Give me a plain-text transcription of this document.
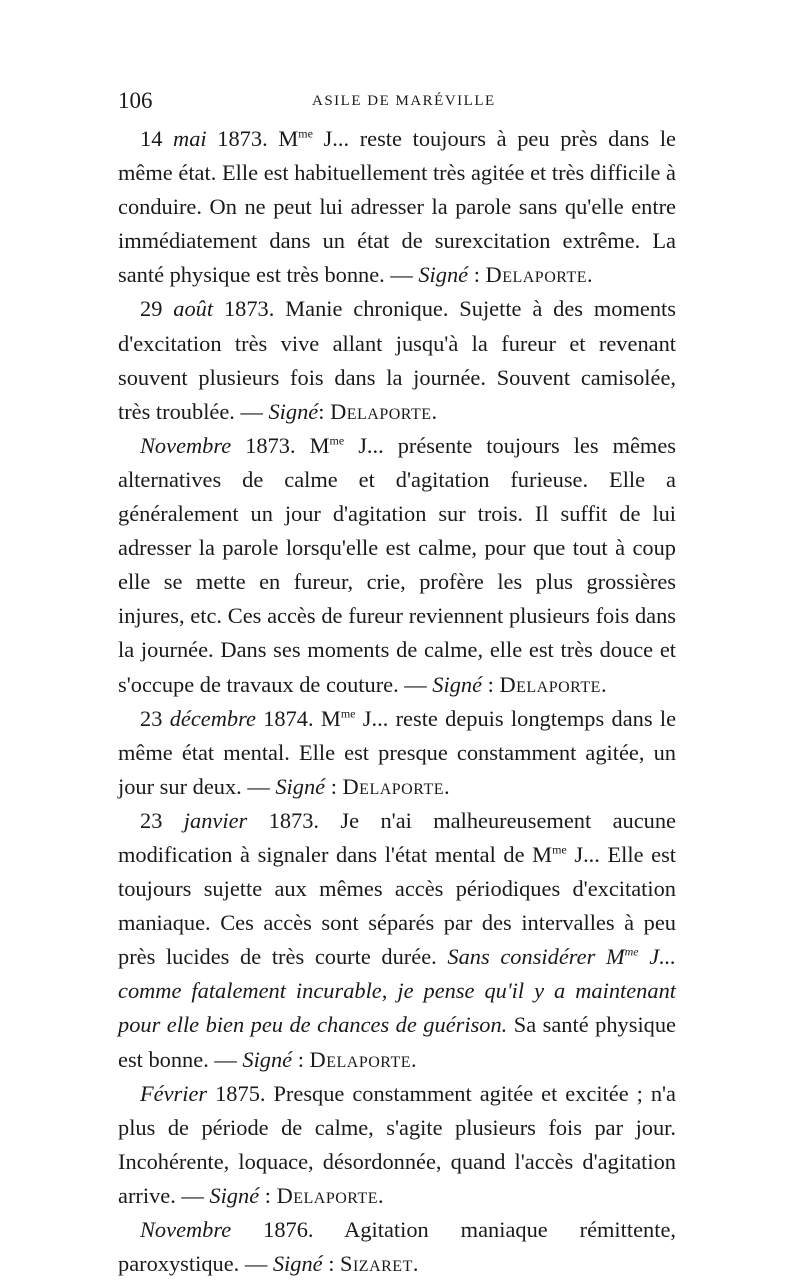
106	ASILE DE MARÉVILLE

14 mai 1873. $M^{me}$ J... reste toujours à peu près dans le même état. Elle est habituellement très agitée et très difficile à conduire. On ne peut lui adresser la parole sans qu'elle entre immédiatement dans un état de surexcitation extrême. La santé physique est très bonne. — Signé : Delaporte.

29 août 1873. Manie chronique. Sujette à des moments d'excitation très vive allant jusqu'à la fureur et revenant souvent plusieurs fois dans la journée. Souvent camisolée, très troublée. — Signé: Delaporte.

Novembre 1873. $M^{me}$ J... présente toujours les mêmes alternatives de calme et d'agitation furieuse. Elle a généralement un jour d'agitation sur trois. Il suffit de lui adresser la parole lorsqu'elle est calme, pour que tout à coup elle se mette en fureur, crie, profère les plus grossières injures, etc. Ces accès de fureur reviennent plusieurs fois dans la journée. Dans ses moments de calme, elle est très douce et s'occupe de travaux de couture. — Signé : Delaporte.

23 décembre 1874. $M^{me}$ J... reste depuis longtemps dans le même état mental. Elle est presque constamment agitée, un jour sur deux. — Signé : Delaporte.

23 janvier 1873. Je n'ai malheureusement aucune modification à signaler dans l'état mental de $M^{me}$ J... Elle est toujours sujette aux mêmes accès périodiques d'excitation maniaque. Ces accès sont séparés par des intervalles à peu près lucides de très courte durée. Sans considérer $M^{me}$ J... comme fatalement incurable, je pense qu'il y a maintenant pour elle bien peu de chances de guérison. Sa santé physique est bonne. — Signé : Delaporte.

Février 1875. Presque constamment agitée et excitée ; n'a plus de période de calme, s'agite plusieurs fois par jour. Incohérente, loquace, désordonnée, quand l'accès d'agitation arrive. — Signé : Delaporte.

Novembre 1876. Agitation maniaque rémittente, paroxystique. — Signé : Sizaret.
